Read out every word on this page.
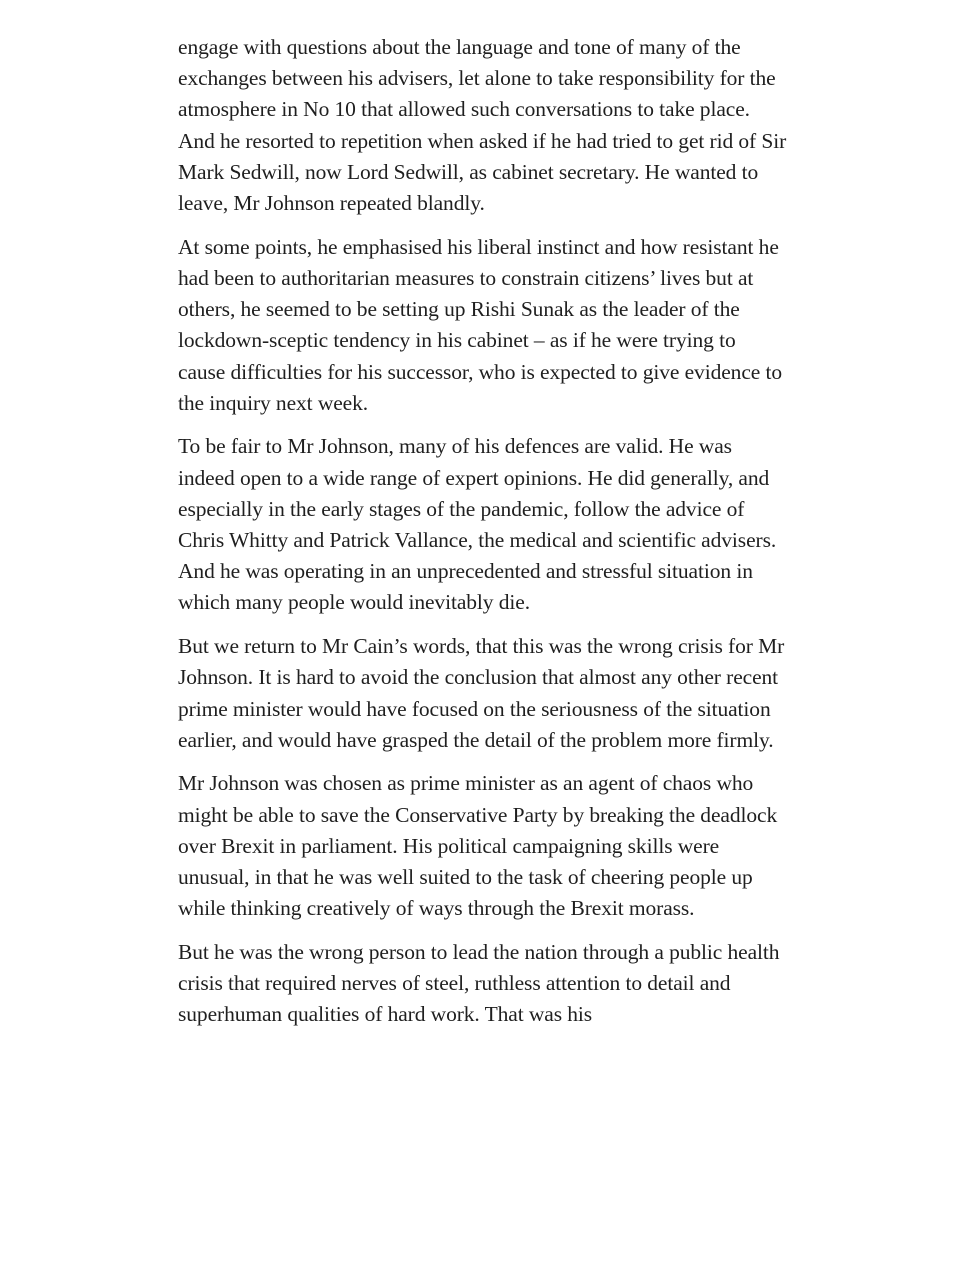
engage with questions about the language and tone of many of the exchanges between his advisers, let alone to take responsibility for the atmosphere in No 10 that allowed such conversations to take place. And he resorted to repetition when asked if he had tried to get rid of Sir Mark Sedwill, now Lord Sedwill, as cabinet secretary. He wanted to leave, Mr Johnson repeated blandly.

At some points, he emphasised his liberal instinct and how resistant he had been to authoritarian measures to constrain citizens’ lives but at others, he seemed to be setting up Rishi Sunak as the leader of the lockdown-sceptic tendency in his cabinet – as if he were trying to cause difficulties for his successor, who is expected to give evidence to the inquiry next week.

To be fair to Mr Johnson, many of his defences are valid. He was indeed open to a wide range of expert opinions. He did generally, and especially in the early stages of the pandemic, follow the advice of Chris Whitty and Patrick Vallance, the medical and scientific advisers. And he was operating in an unprecedented and stressful situation in which many people would inevitably die.

But we return to Mr Cain’s words, that this was the wrong crisis for Mr Johnson. It is hard to avoid the conclusion that almost any other recent prime minister would have focused on the seriousness of the situation earlier, and would have grasped the detail of the problem more firmly.

Mr Johnson was chosen as prime minister as an agent of chaos who might be able to save the Conservative Party by breaking the deadlock over Brexit in parliament. His political campaigning skills were unusual, in that he was well suited to the task of cheering people up while thinking creatively of ways through the Brexit morass.

But he was the wrong person to lead the nation through a public health crisis that required nerves of steel, ruthless attention to detail and superhuman qualities of hard work. That was his
